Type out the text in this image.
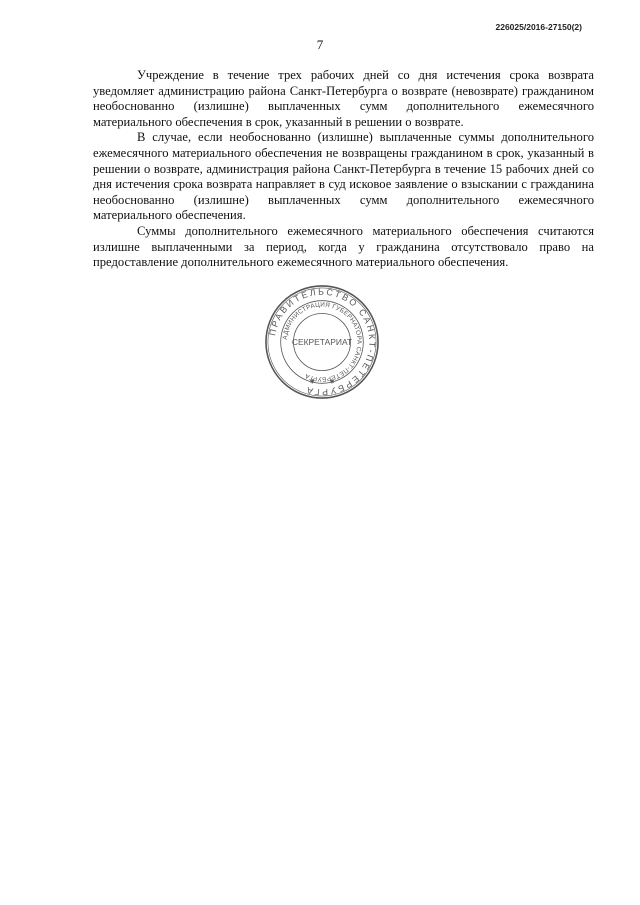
226025/2016-27150(2)
7

Учреждение в течение трех рабочих дней со дня истечения срока возврата уведомляет администрацию района Санкт-Петербурга о возврате (невозврате) гражданином необоснованно (излишне) выплаченных сумм дополнительного ежемесячного материального обеспечения в срок, указанный в решении о возврате.

В случае, если необоснованно (излишне) выплаченные суммы дополнительного ежемесячного материального обеспечения не возвращены гражданином в срок, указанный в решении о возврате, администрация района Санкт-Петербурга в течение 15 рабочих дней со дня истечения срока возврата направляет в суд исковое заявление о взыскании с гражданина необоснованно (излишне) выплаченных сумм дополнительного ежемесячного материального обеспечения.

Суммы дополнительного ежемесячного материального обеспечения считаются излишне выплаченными за период, когда у гражданина отсутствовало право на предоставление дополнительного ежемесячного материального обеспечения.

ПРАВИТЕЛЬСТВО САНКТ-ПЕТЕРБУРГА
АДМИНИСТРАЦИЯ ГУБЕРНАТОРА САНКТ-ПЕТЕРБУРГА
СЕКРЕТАРИАТ
✱ ✱
